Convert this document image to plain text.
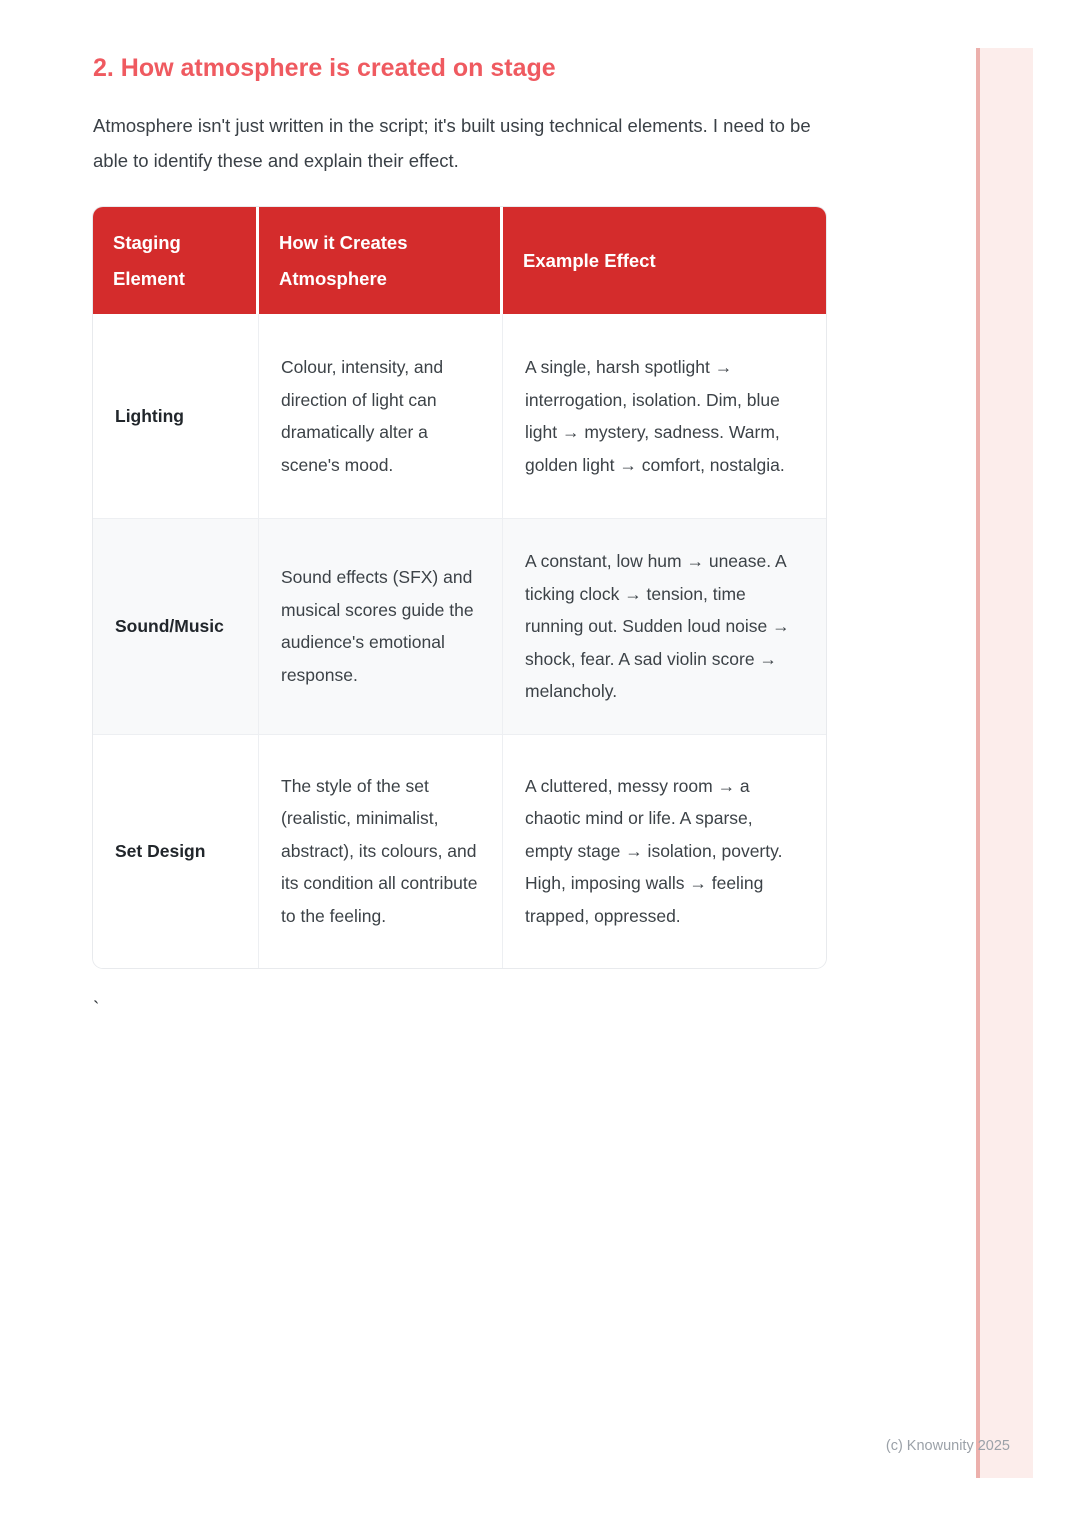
2. How atmosphere is created on stage

Atmosphere isn't just written in the script; it's built using technical elements. I need to be able to identify these and explain their effect.

Staging Element	How it Creates Atmosphere	Example Effect
Lighting	Colour, intensity, and direction of light can dramatically alter a scene's mood.	A single, harsh spotlight → interrogation, isolation. Dim, blue light → mystery, sadness. Warm, golden light → comfort, nostalgia.
Sound/Music	Sound effects (SFX) and musical scores guide the audience's emotional response.	A constant, low hum → unease. A ticking clock → tension, time running out. Sudden loud noise → shock, fear. A sad violin score → melancholy.
Set Design	The style of the set (realistic, minimalist, abstract), its colours, and its condition all contribute to the feeling.	A cluttered, messy room → a chaotic mind or life. A sparse, empty stage → isolation, poverty. High, imposing walls → feeling trapped, oppressed.
`
(c) Knowunity 2025
